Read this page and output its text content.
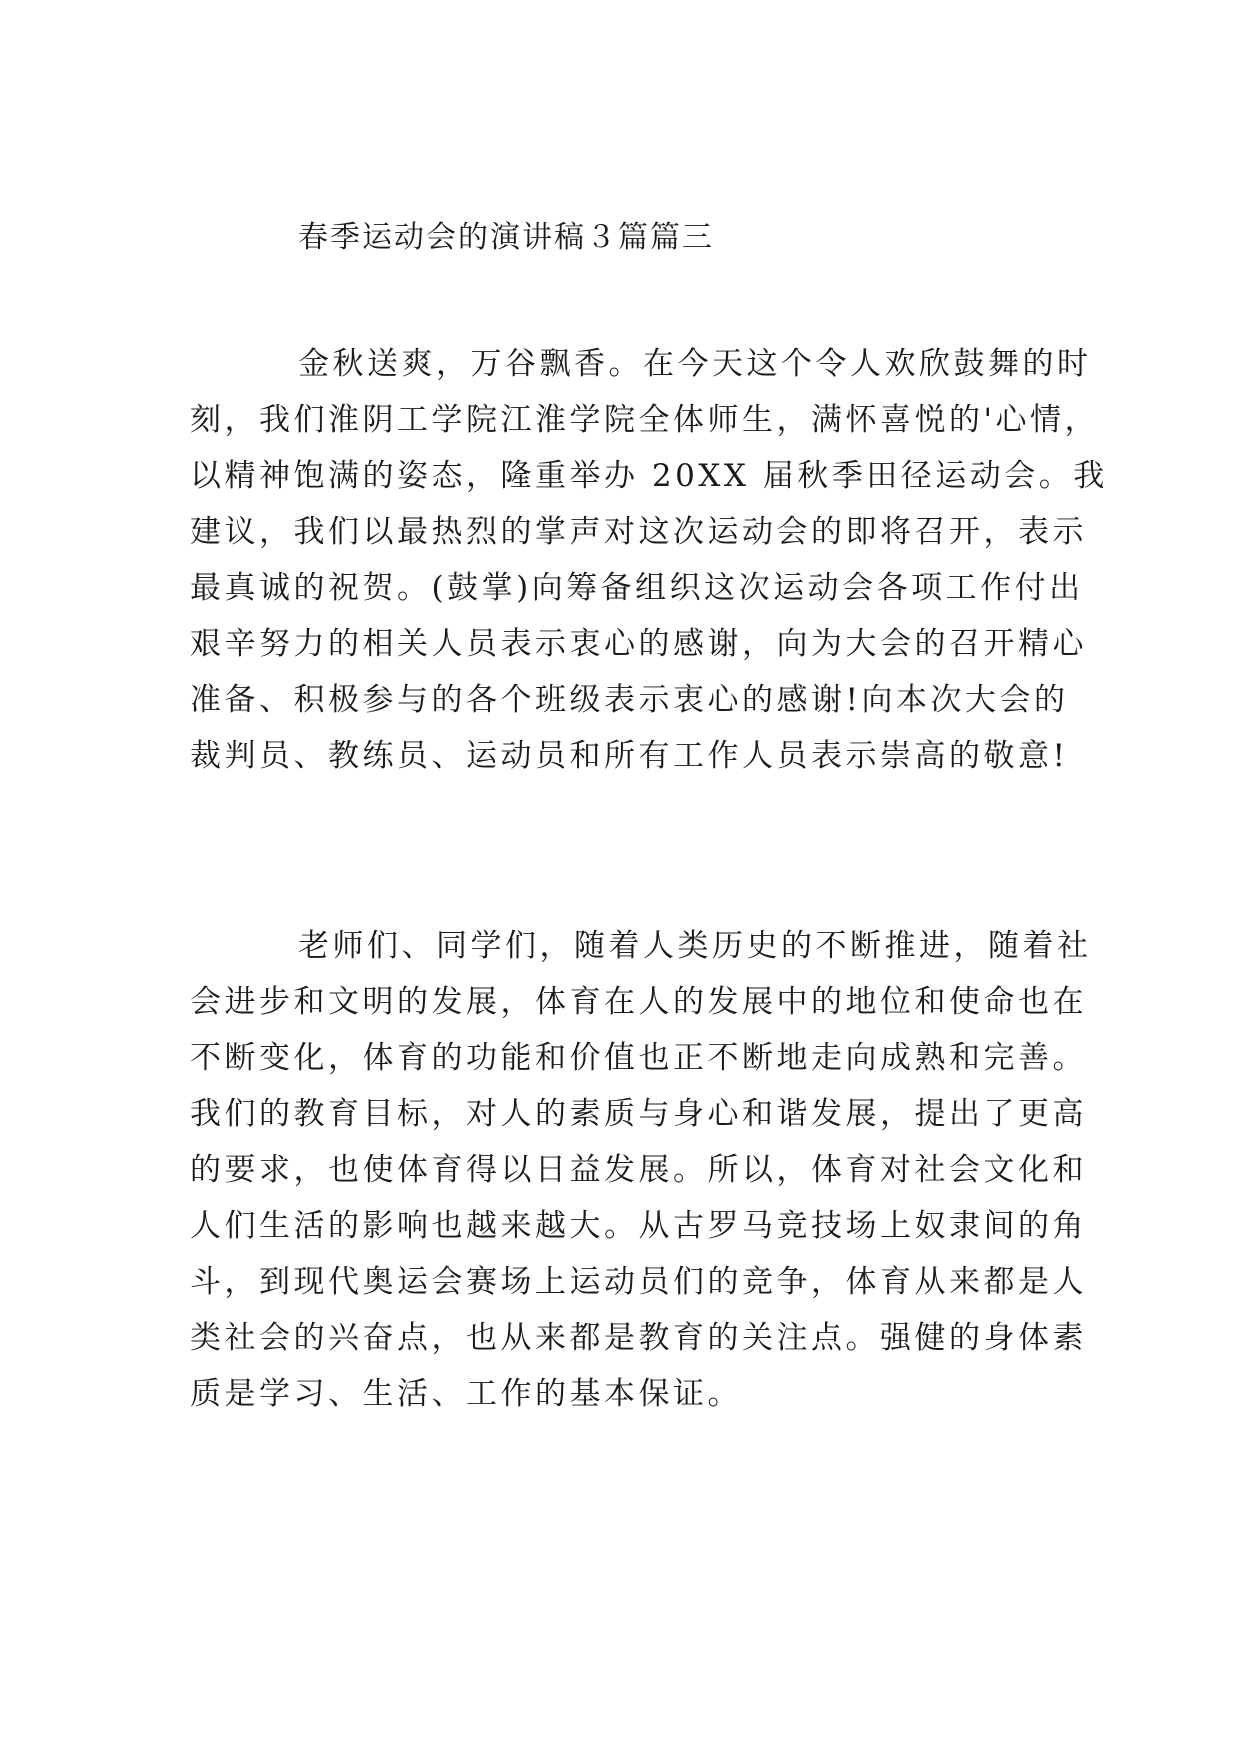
春季运动会的演讲稿３篇篇三
金秋送爽，万谷飘香。在今天这个令人欢欣鼓舞的时
刻，我们淮阴工学院江淮学院全体师生，满怀喜悦的'心情，
以精神饱满的姿态，隆重举办 20XX 届秋季田径运动会。我
建议，我们以最热烈的掌声对这次运动会的即将召开，表示
最真诚的祝贺。(鼓掌)向筹备组织这次运动会各项工作付出
艰辛努力的相关人员表示衷心的感谢，向为大会的召开精心
准备、积极参与的各个班级表示衷心的感谢!向本次大会的
裁判员、教练员、运动员和所有工作人员表示崇高的敬意!
老师们、同学们，随着人类历史的不断推进，随着社
会进步和文明的发展，体育在人的发展中的地位和使命也在
不断变化，体育的功能和价值也正不断地走向成熟和完善。
我们的教育目标，对人的素质与身心和谐发展，提出了更高
的要求，也使体育得以日益发展。所以，体育对社会文化和
人们生活的影响也越来越大。从古罗马竞技场上奴隶间的角
斗，到现代奥运会赛场上运动员们的竞争，体育从来都是人
类社会的兴奋点，也从来都是教育的关注点。强健的身体素
质是学习、生活、工作的基本保证。
